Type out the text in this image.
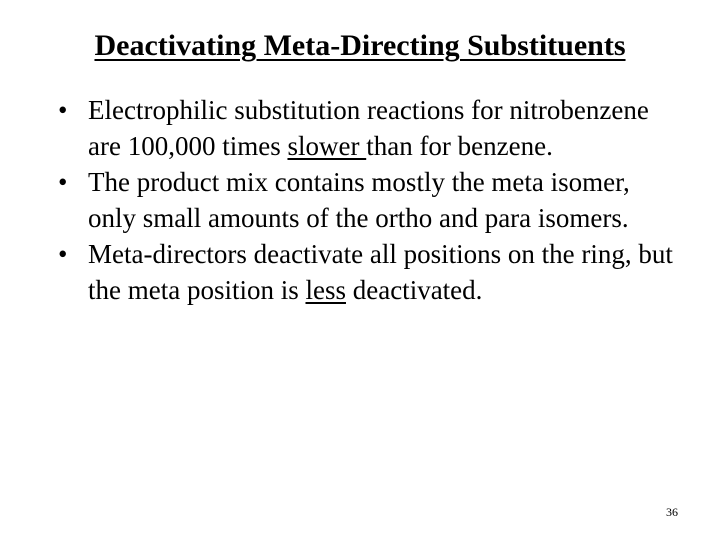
Deactivating Meta-Directing Substituents
• Electrophilic substitution reactions for nitrobenzene are 100,000 times slower than for benzene.
• The product mix contains mostly the meta isomer, only small amounts of the ortho and para isomers.
• Meta-directors deactivate all positions on the ring, but the meta position is less deactivated.
36
